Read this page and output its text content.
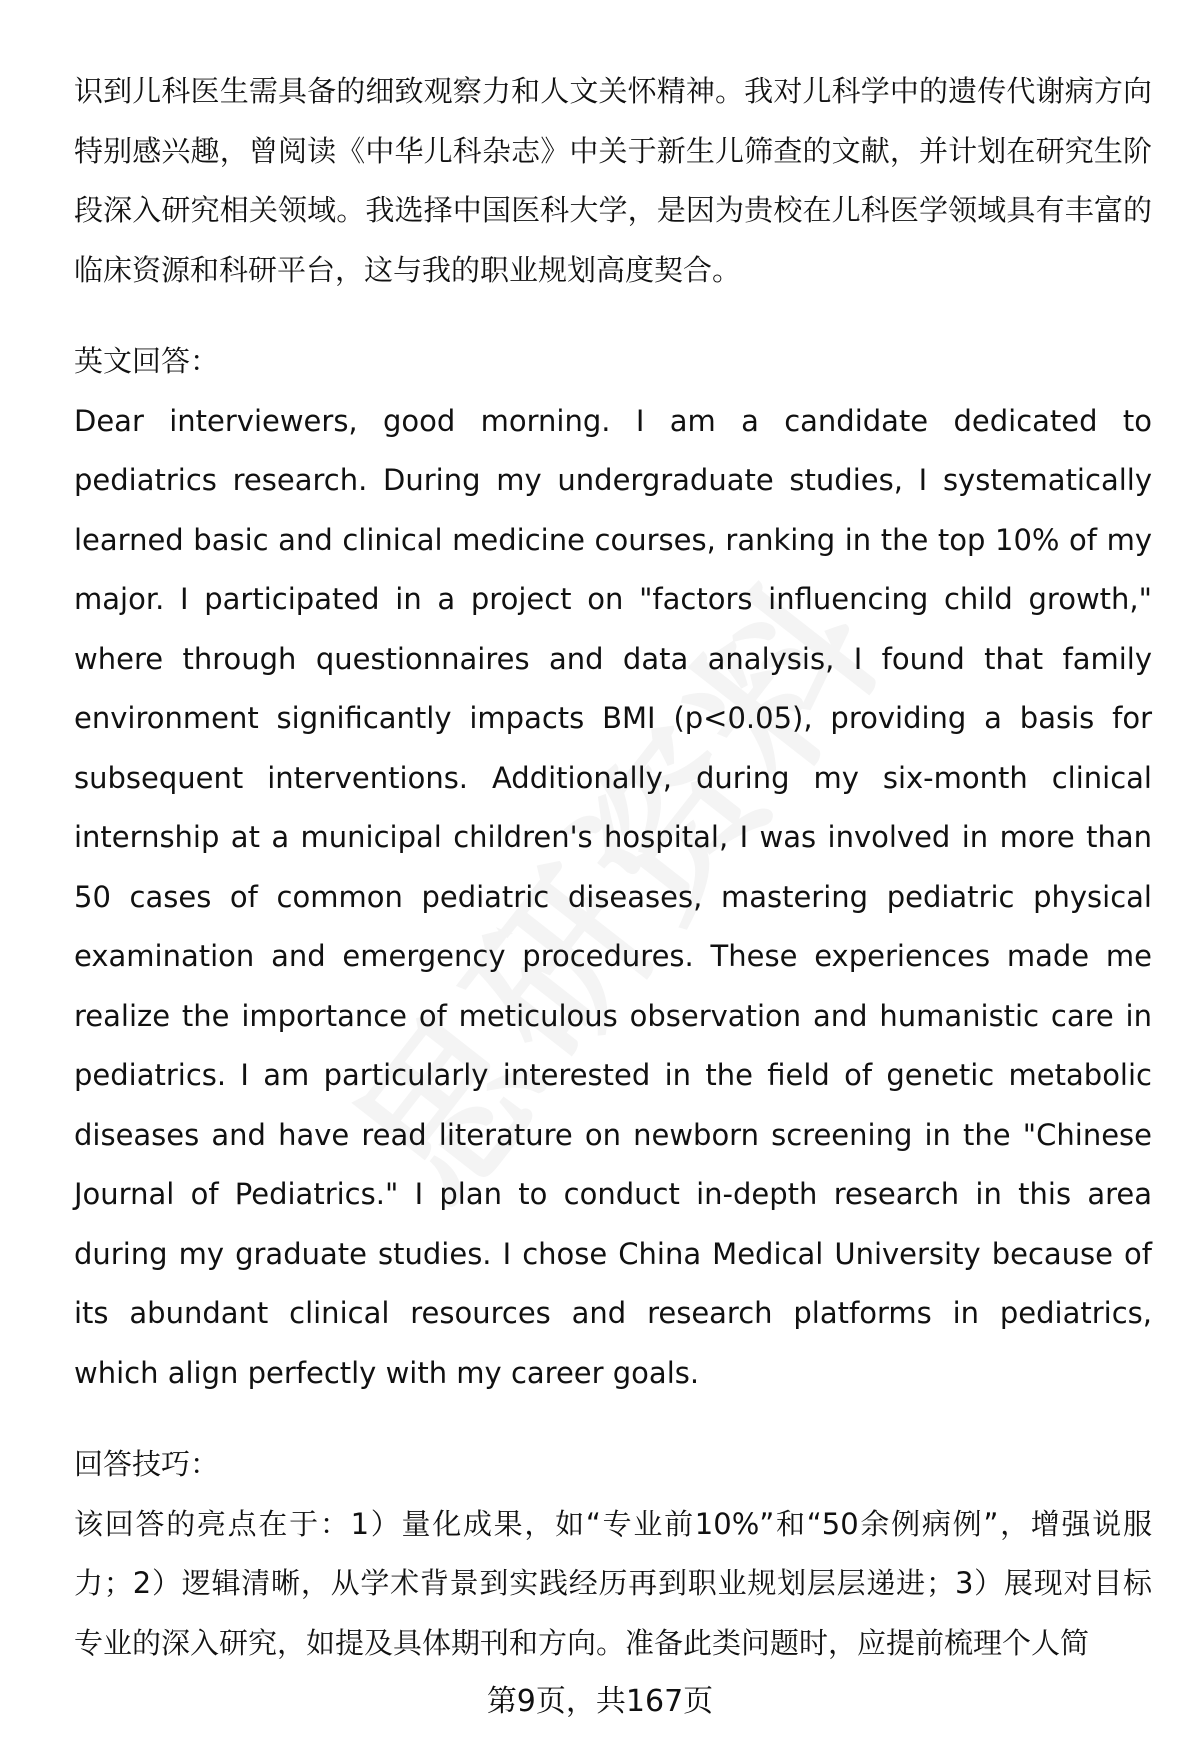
识到儿科医生需具备的细致观察力和人文关怀精神。我对儿科学中的遗传代谢病方向特别感兴趣，曾阅读《中华儿科杂志》中关于新生儿筛查的文献，并计划在研究生阶段深入研究相关领域。我选择中国医科大学，是因为贵校在儿科医学领域具有丰富的临床资源和科研平台，这与我的职业规划高度契合。

英文回答：

Dear interviewers, good morning. I am a candidate dedicated to pediatrics research. During my undergraduate studies, I systematically learned basic and clinical medicine courses, ranking in the top 10% of my major. I participated in a project on "factors influencing child growth," where through questionnaires and data analysis, I found that family environment significantly impacts BMI (p<0.05), providing a basis for subsequent interventions. Additionally, during my six-month clinical internship at a municipal children's hospital, I was involved in more than 50 cases of common pediatric diseases, mastering pediatric physical examination and emergency procedures. These experiences made me realize the importance of meticulous observation and humanistic care in pediatrics. I am particularly interested in the field of genetic metabolic diseases and have read literature on newborn screening in the "Chinese Journal of Pediatrics." I plan to conduct in-depth research in this area during my graduate studies. I chose China Medical University because of its abundant clinical resources and research platforms in pediatrics, which align perfectly with my career goals.

回答技巧：

该回答的亮点在于：1）量化成果，如“专业前10%”和“50余例病例”，增强说服力；2）逻辑清晰，从学术背景到实践经历再到职业规划层层递进；3）展现对目标专业的深入研究，如提及具体期刊和方向。准备此类问题时，应提前梳理个人简

第9页，共167页
